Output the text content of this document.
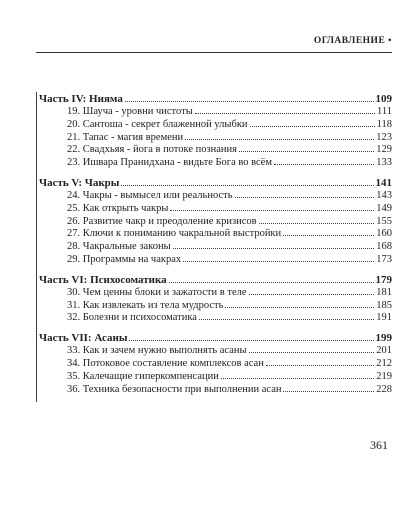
ОГЛАВЛЕНИЕ •
Часть IV: Нияма	109
19. Шауча - уровни чистоты	111
20. Сантоша - секрет блаженной улыбки	118
21. Тапас - магия времени	123
22. Свадхьяя - йога в потоке познания	129
23. Ишвара Пранидхана - видьте Бога во всём	133
Часть V: Чакры	141
24. Чакры - вымысел или реальность	143
25. Как открыть чакры	149
26. Развитие чакр и преодоление кризисов	155
27. Ключи к пониманию чакральной выстройки	160
28. Чакральные законы	168
29. Программы на чакрах	173
Часть VI: Психосоматика	179
30. Чем ценны блоки и зажатости в теле	181
31. Как извлекать из тела мудрость	185
32. Болезни и психосоматика	191
Часть VII: Асаны	199
33. Как и зачем нужно выполнять асаны	201
34. Потоковое составление комплексов асан	212
35. Калечащие гиперкомпенсации	219
36. Техника безопасности при выполнении асан	228
361
